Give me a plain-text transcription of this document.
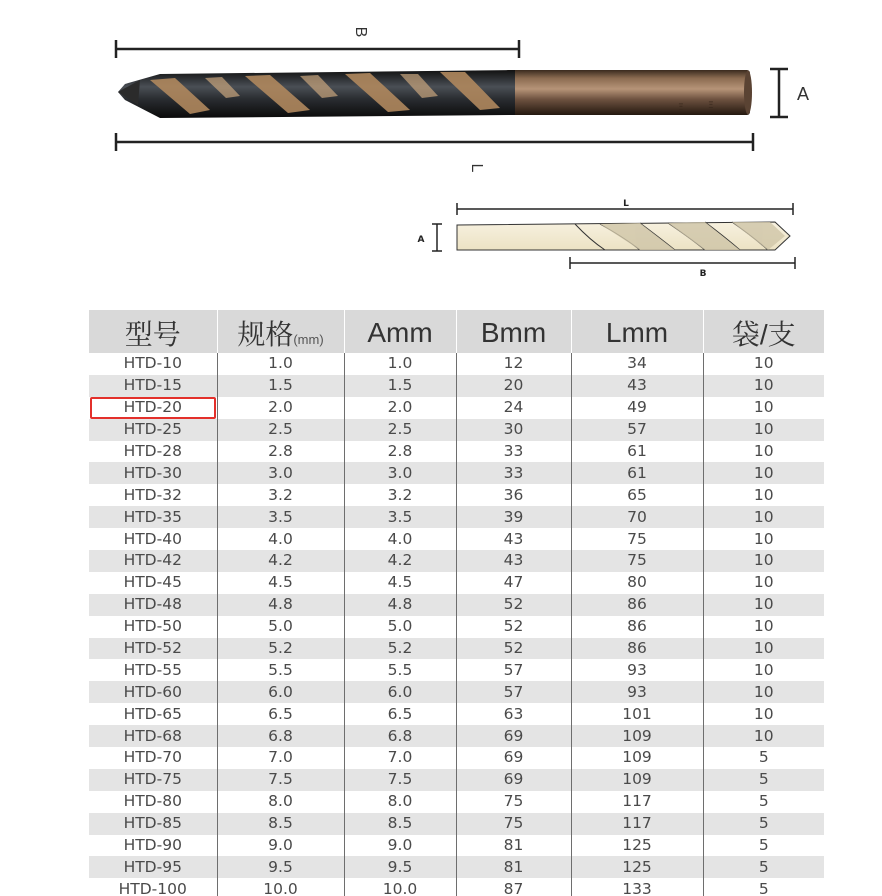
B
Ξ	Ξ
A
L
L
A
B
型号	规格(mm)	Amm	Bmm	Lmm	袋/支
HTD-10	1.0	1.0	12	34	10
HTD-15	1.5	1.5	20	43	10
HTD-20	2.0	2.0	24	49	10
HTD-25	2.5	2.5	30	57	10
HTD-28	2.8	2.8	33	61	10
HTD-30	3.0	3.0	33	61	10
HTD-32	3.2	3.2	36	65	10
HTD-35	3.5	3.5	39	70	10
HTD-40	4.0	4.0	43	75	10
HTD-42	4.2	4.2	43	75	10
HTD-45	4.5	4.5	47	80	10
HTD-48	4.8	4.8	52	86	10
HTD-50	5.0	5.0	52	86	10
HTD-52	5.2	5.2	52	86	10
HTD-55	5.5	5.5	57	93	10
HTD-60	6.0	6.0	57	93	10
HTD-65	6.5	6.5	63	101	10
HTD-68	6.8	6.8	69	109	10
HTD-70	7.0	7.0	69	109	5
HTD-75	7.5	7.5	69	109	5
HTD-80	8.0	8.0	75	117	5
HTD-85	8.5	8.5	75	117	5
HTD-90	9.0	9.0	81	125	5
HTD-95	9.5	9.5	81	125	5
HTD-100	10.0	10.0	87	133	5
